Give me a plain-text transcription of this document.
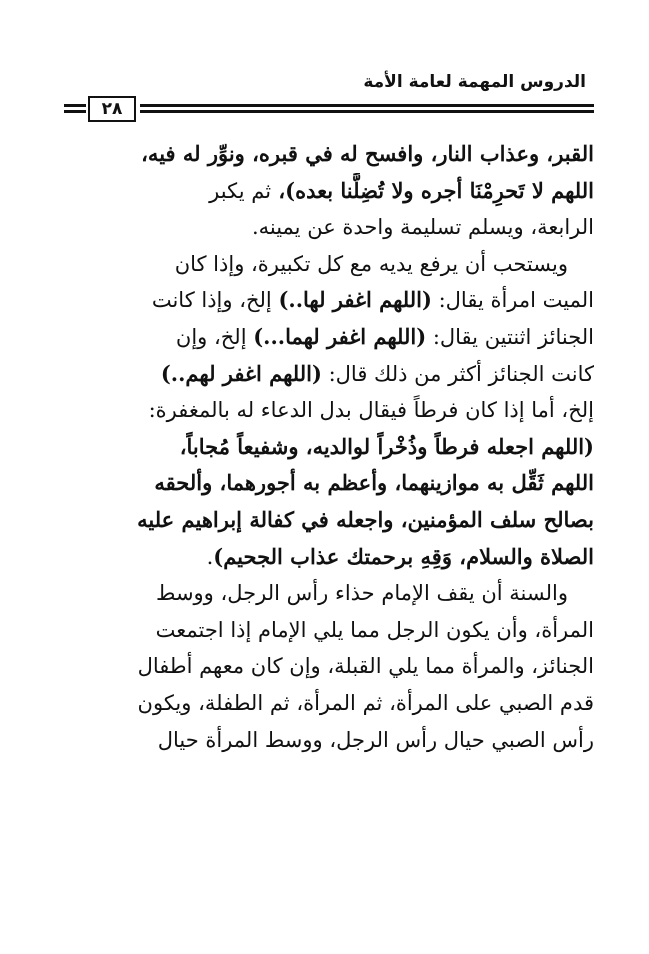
الدروس المهمة لعامة الأمة
٢٨
القبر، وعذاب النار، وافسح له في قبره، ونوِّر له فيه،
اللهم لا تَحرِمْنَا أجره ولا تُضِلَّنا بعده)، ثم يكبر
الرابعة، ويسلم تسليمة واحدة عن يمينه.
ويستحب أن يرفع يديه مع كل تكبيرة، وإذا كان
الميت امرأة يقال: (اللهم اغفر لها..) إلخ، وإذا كانت
الجنائز اثنتين يقال: (اللهم اغفر لهما...) إلخ، وإن
كانت الجنائز أكثر من ذلك قال: (اللهم اغفر لهم..)
إلخ، أما إذا كان فرطاً فيقال بدل الدعاء له بالمغفرة:
(اللهم اجعله فرطاً وذُخْراً لوالديه، وشفيعاً مُجاباً،
اللهم ثَقِّل به موازينهما، وأعظم به أجورهما، وألحقه
بصالح سلف المؤمنين، واجعله في كفالة إبراهيم عليه
الصلاة والسلام، وَقِهِ برحمتك عذاب الجحيم).
والسنة أن يقف الإمام حذاء رأس الرجل، ووسط
المرأة، وأن يكون الرجل مما يلي الإمام إذا اجتمعت
الجنائز، والمرأة مما يلي القبلة، وإن كان معهم أطفال
قدم الصبي على المرأة، ثم المرأة، ثم الطفلة، ويكون
رأس الصبي حيال رأس الرجل، ووسط المرأة حيال
